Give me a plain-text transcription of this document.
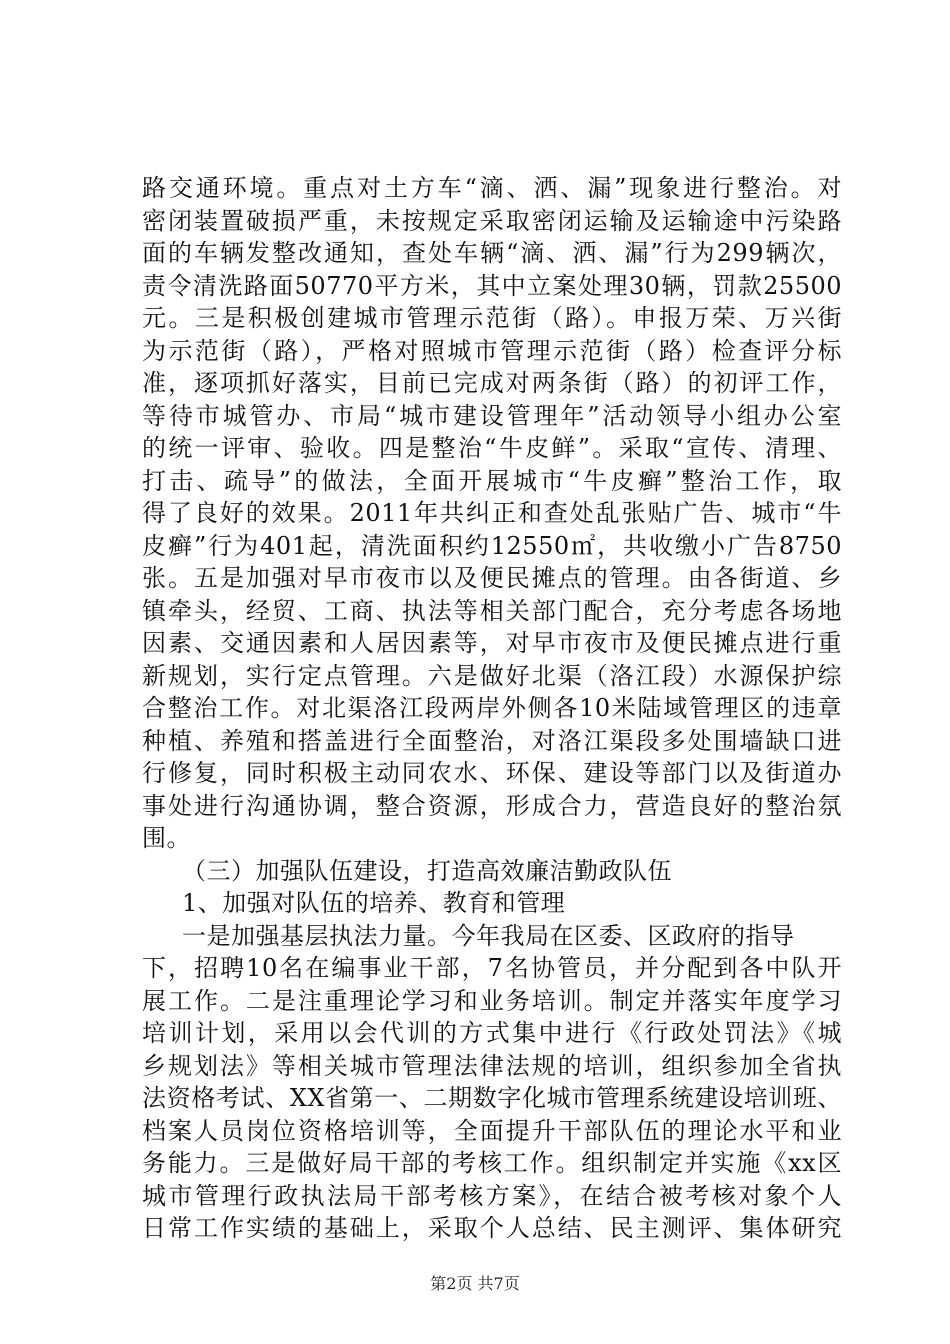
路交通环境。重点对土方车“滴、洒、漏”现象进行整治。对
密闭装置破损严重，未按规定采取密闭运输及运输途中污染路
面的车辆发整改通知，查处车辆“滴、洒、漏”行为299辆次，
责令清洗路面50770平方米，其中立案处理30辆，罚款25500
元。三是积极创建城市管理示范街（路）。申报万荣、万兴街
为示范街（路），严格对照城市管理示范街（路）检查评分标
准，逐项抓好落实，目前已完成对两条街（路）的初评工作，
等待市城管办、市局“城市建设管理年”活动领导小组办公室
的统一评审、验收。四是整治“牛皮鲜”。采取“宣传、清理、
打击、疏导”的做法，全面开展城市“牛皮癣”整治工作，取
得了良好的效果。2011年共纠正和查处乱张贴广告、城市“牛
皮癣”行为401起，清洗面积约12550㎡，共收缴小广告8750
张。五是加强对早市夜市以及便民摊点的管理。由各街道、乡
镇牵头，经贸、工商、执法等相关部门配合，充分考虑各场地
因素、交通因素和人居因素等，对早市夜市及便民摊点进行重
新规划，实行定点管理。六是做好北渠（洛江段）水源保护综
合整治工作。对北渠洛江段两岸外侧各10米陆域管理区的违章
种植、养殖和搭盖进行全面整治，对洛江渠段多处围墙缺口进
行修复，同时积极主动同农水、环保、建设等部门以及街道办
事处进行沟通协调，整合资源，形成合力，营造良好的整治氛
围。
（三）加强队伍建设，打造高效廉洁勤政队伍
1、加强对队伍的培养、教育和管理
一是加强基层执法力量。今年我局在区委、区政府的指导
下，招聘10名在编事业干部，7名协管员，并分配到各中队开
展工作。二是注重理论学习和业务培训。制定并落实年度学习
培训计划，采用以会代训的方式集中进行《行政处罚法》《城
乡规划法》等相关城市管理法律法规的培训，组织参加全省执
法资格考试、XX省第一、二期数字化城市管理系统建设培训班、
档案人员岗位资格培训等，全面提升干部队伍的理论水平和业
务能力。三是做好局干部的考核工作。组织制定并实施《xx区
城市管理行政执法局干部考核方案》，在结合被考核对象个人
日常工作实绩的基础上，采取个人总结、民主测评、集体研究
第2页 共7页
